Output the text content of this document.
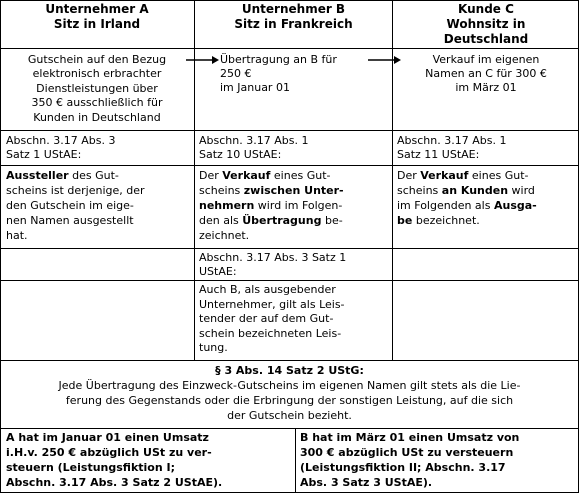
Unternehmer A
Sitz in Irland
Unternehmer B
Sitz in Frankreich
Kunde C
Wohnsitz in
Deutschland
Gutschein auf den Bezug
elektronisch erbrachter
Dienstleistungen über
350 € ausschließlich für
Kunden in Deutschland
Übertragung an B für
250 €
im Januar 01
Verkauf im eigenen
Namen an C für 300 €
im März 01
Abschn. 3.17 Abs. 3
Satz 1 UStAE:
Abschn. 3.17 Abs. 1
Satz 10 UStAE:
Abschn. 3.17 Abs. 1
Satz 11 UStAE:
Aussteller des Gut-
scheins ist derjenige, der
den Gutschein im eige-
nen Namen ausgestellt
hat.
Der Verkauf eines Gut-
scheins zwischen Unter-
nehmern wird im Folgen-
den als Übertragung be-
zeichnet.
Der Verkauf eines Gut-
scheins an Kunden wird
im Folgenden als Ausga-
be bezeichnet.
Abschn. 3.17 Abs. 3 Satz 1
UStAE:
Auch B, als ausgebender
Unternehmer, gilt als Leis-
tender der auf dem Gut-
schein bezeichneten Leis-
tung.
§ 3 Abs. 14 Satz 2 UStG:
Jede Übertragung des Einzweck-Gutscheins im eigenen Namen gilt stets als die Lie-
ferung des Gegenstands oder die Erbringung der sonstigen Leistung, auf die sich
der Gutschein bezieht.
A hat im Januar 01 einen Umsatz
i.H.v. 250 € abzüglich USt zu ver-
steuern (Leistungsfiktion I;
Abschn. 3.17 Abs. 3 Satz 2 UStAE).
B hat im März 01 einen Umsatz von
300 € abzüglich USt zu versteuern
(Leistungsfiktion II; Abschn. 3.17
Abs. 3 Satz 3 UStAE).
